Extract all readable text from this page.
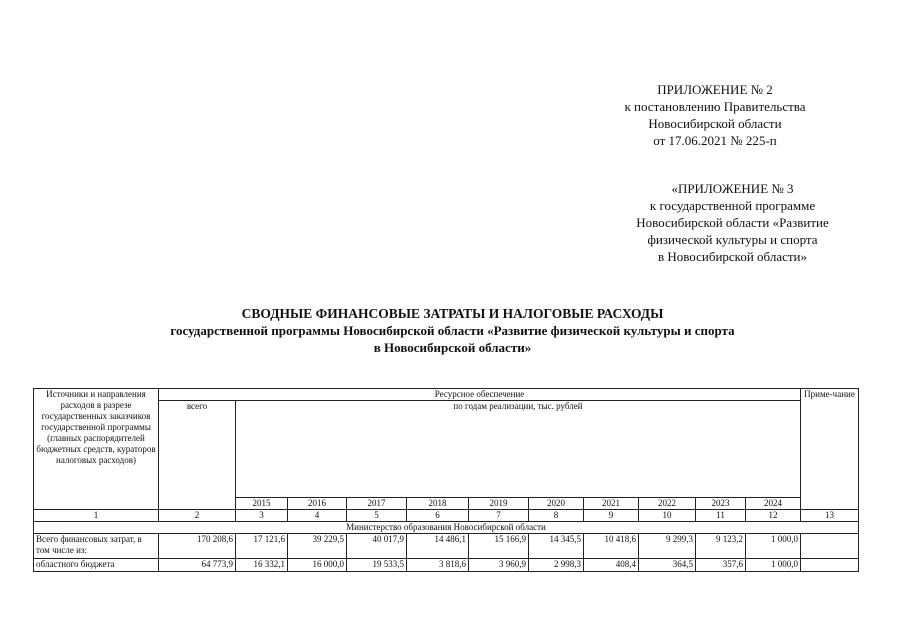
ПРИЛОЖЕНИЕ № 2
к постановлению Правительства
Новосибирской области
от 17.06.2021 № 225-п
«ПРИЛОЖЕНИЕ № 3
к государственной программе
Новосибирской области «Развитие
физической культуры и спорта
в Новосибирской области»
СВОДНЫЕ ФИНАНСОВЫЕ ЗАТРАТЫ И НАЛОГОВЫЕ РАСХОДЫ
государственной программы Новосибирской области «Развитие физической культуры и спорта
в Новосибирской области»
Источники и направления расходов в разрезе государственных заказчиков государственной программы (главных распорядителей бюджетных средств, кураторов налоговых расходов)	Ресурсное обеспечение											Приме-чание
	всего	по годам реализации, тыс. рублей										
		2015	2016	2017	2018	2019	2020	2021	2022	2023	2024	
1	2	3	4	5	6	7	8	9	10	11	12	13
Министерство образования Новосибирской области												
Всего финансовых затрат, в том числе из:	170 208,6	17 121,6	39 229,5	40 017,9	14 486,1	15 166,9	14 345,5	10 418,6	9 299,3	9 123,2	1 000,0	
областного бюджета	64 773,9	16 332,1	16 000,0	19 533,5	3 818,6	3 960,9	2 998,3	408,4	364,5	357,6	1 000,0	
